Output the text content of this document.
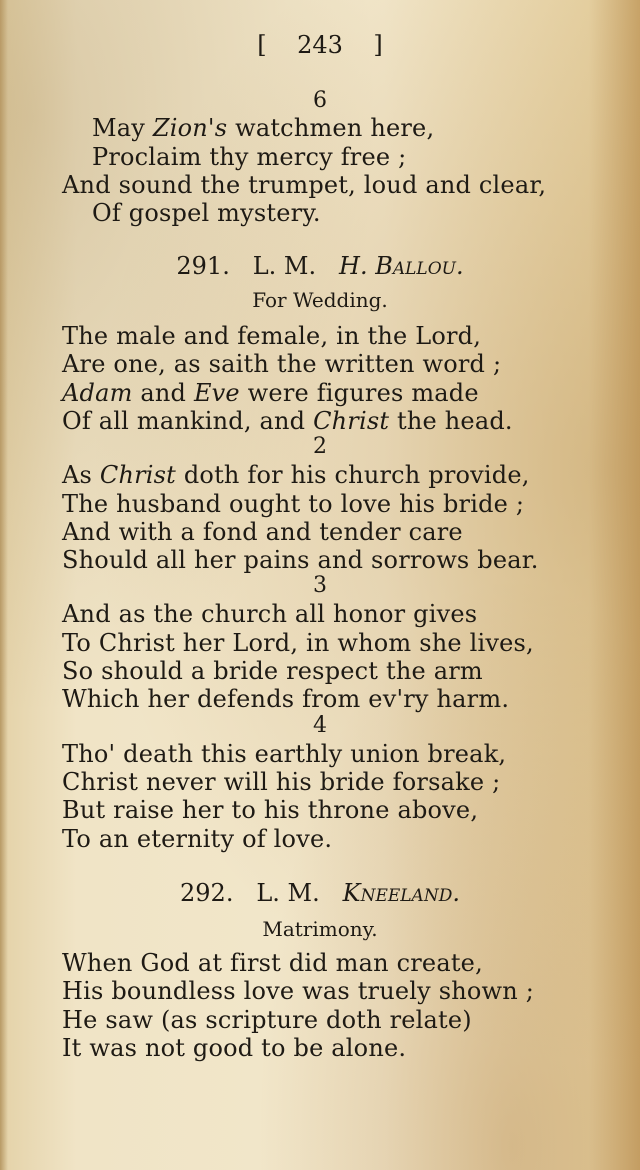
[ 243 ]
6
May Zion's watchmen here,
Proclaim thy mercy free ;
And sound the trumpet, loud and clear,
Of gospel mystery.
291. L. M. H. Ballou.
For Wedding.
The male and female, in the Lord,
Are one, as saith the written word ;
Adam and Eve were figures made
Of all mankind, and Christ the head.
2
As Christ doth for his church provide,
The husband ought to love his bride ;
And with a fond and tender care
Should all her pains and sorrows bear.
3
And as the church all honor gives
To Christ her Lord, in whom she lives,
So should a bride respect the arm
Which her defends from ev'ry harm.
4
Tho' death this earthly union break,
Christ never will his bride forsake ;
But raise her to his throne above,
To an eternity of love.
292. L. M. Kneeland.
Matrimony.
When God at first did man create,
His boundless love was truely shown ;
He saw (as scripture doth relate)
It was not good to be alone.
